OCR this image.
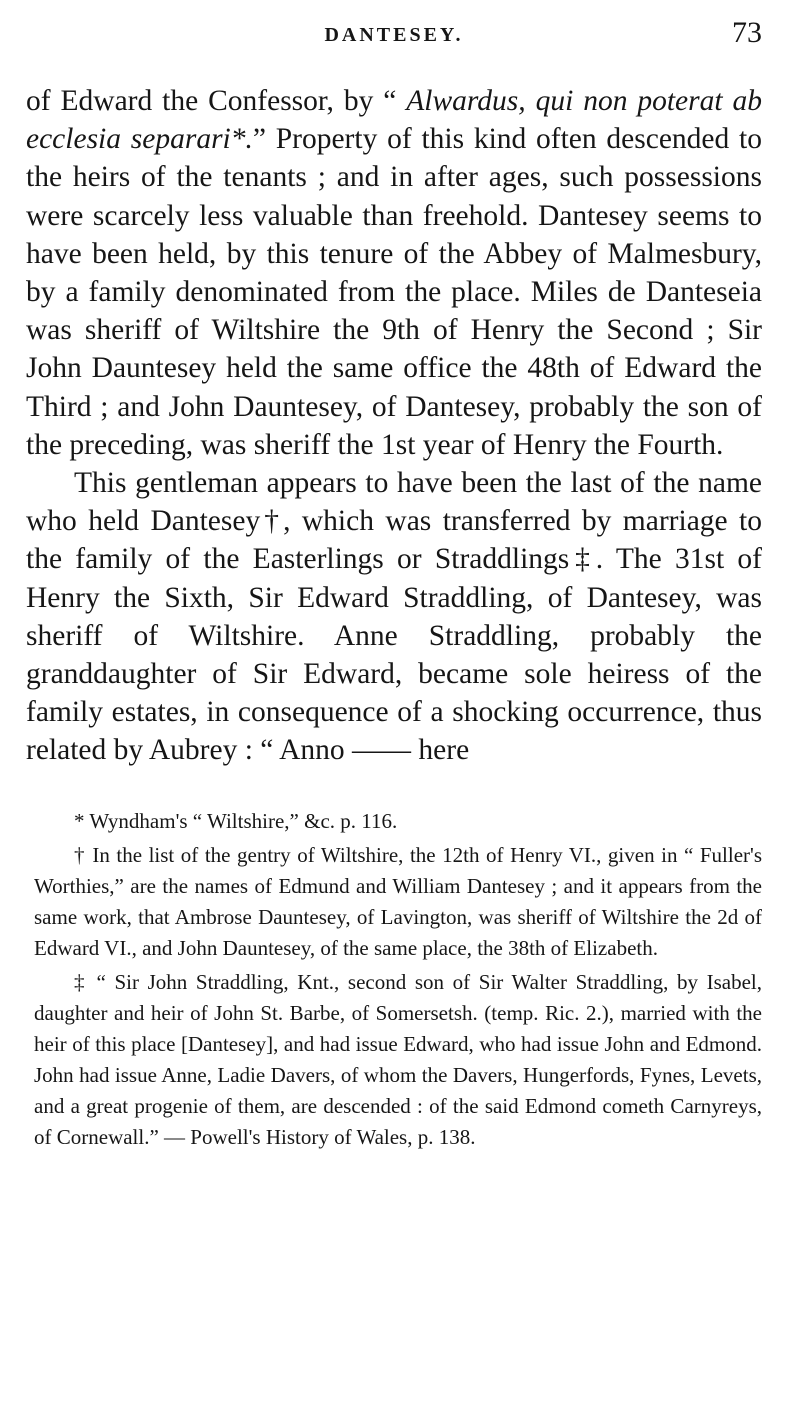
DANTESEY.	73

of Edward the Confessor, by “ Alwardus, qui non poterat ab ecclesia separari*.” Property of this kind often descended to the heirs of the tenants ; and in after ages, such possessions were scarcely less valuable than freehold. Dantesey seems to have been held, by this tenure of the Abbey of Malmesbury, by a family denominated from the place. Miles de Danteseia was sheriff of Wiltshire the 9th of Henry the Second ; Sir John Dauntesey held the same office the 48th of Edward the Third ; and John Dauntesey, of Dantesey, probably the son of the preceding, was sheriff the 1st year of Henry the Fourth.

This gentleman appears to have been the last of the name who held Dantesey†, which was transferred by marriage to the family of the Easterlings or Straddlings‡. The 31st of Henry the Sixth, Sir Edward Straddling, of Dantesey, was sheriff of Wiltshire. Anne Straddling, probably the granddaughter of Sir Edward, became sole heiress of the family estates, in consequence of a shocking occurrence, thus related by Aubrey : “ Anno —— here

* Wyndham's “ Wiltshire,” &c. p. 116.

† In the list of the gentry of Wiltshire, the 12th of Henry VI., given in “ Fuller's Worthies,” are the names of Edmund and William Dantesey ; and it appears from the same work, that Ambrose Dauntesey, of Lavington, was sheriff of Wiltshire the 2d of Edward VI., and John Dauntesey, of the same place, the 38th of Elizabeth.

‡ “ Sir John Straddling, Knt., second son of Sir Walter Straddling, by Isabel, daughter and heir of John St. Barbe, of Somersetsh. (temp. Ric. 2.), married with the heir of this place [Dantesey], and had issue Edward, who had issue John and Edmond. John had issue Anne, Ladie Davers, of whom the Davers, Hungerfords, Fynes, Levets, and a great progenie of them, are descended : of the said Edmond cometh Carnyreys, of Cornewall.” — Powell's History of Wales, p. 138.
